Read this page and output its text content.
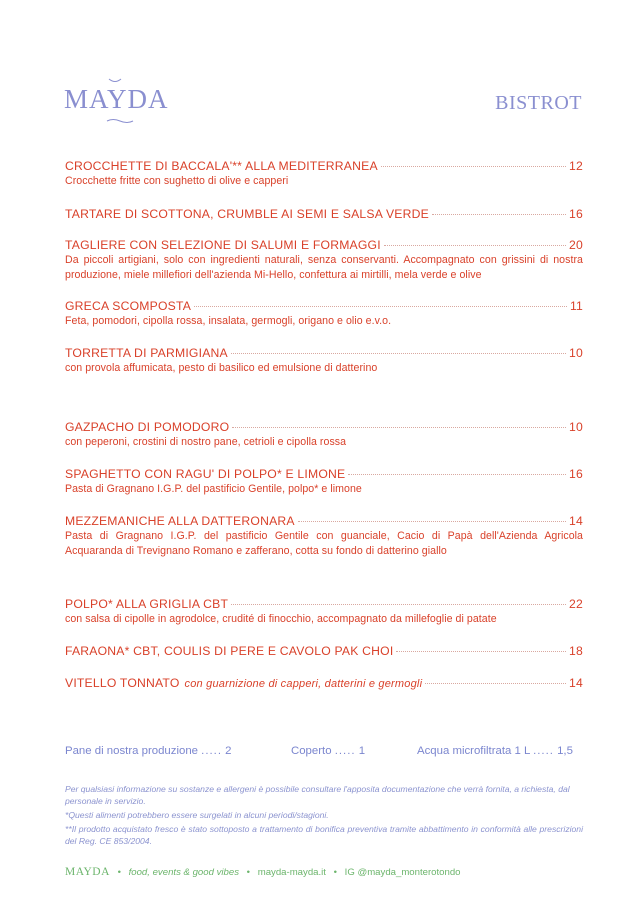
MAYDA	BISTROT
CROCCHETTE DI BACCALA'** ALLA MEDITERRANEA	12
Crocchette fritte con sughetto di olive e capperi
TARTARE DI SCOTTONA, CRUMBLE AI SEMI E SALSA VERDE	16
TAGLIERE CON SELEZIONE DI SALUMI E FORMAGGI	20
Da piccoli artigiani, solo con ingredienti naturali, senza conservanti. Accompagnato con grissini di nostra produzione, miele millefiori dell'azienda Mi-Hello, confettura ai mirtilli, mela verde e olive
GRECA SCOMPOSTA	11
Feta, pomodori, cipolla rossa, insalata, germogli, origano e olio e.v.o.
TORRETTA DI PARMIGIANA	10
con provola affumicata, pesto di basilico ed emulsione di datterino
GAZPACHO DI POMODORO	10
con peperoni, crostini di nostro pane, cetrioli e cipolla rossa
SPAGHETTO CON RAGU' DI POLPO* E LIMONE	16
Pasta di Gragnano I.G.P. del pastificio Gentile, polpo* e limone
MEZZEMANICHE ALLA DATTERONARA	14
Pasta di Gragnano I.G.P. del pastificio Gentile con guanciale, Cacio di Papà dell'Azienda Agricola Acquaranda di Trevignano Romano e zafferano, cotta su fondo di datterino giallo
POLPO* ALLA GRIGLIA CBT	22
con salsa di cipolle in agrodolce, crudité di finocchio, accompagnato da millefoglie di patate
FARAONA* CBT, COULIS DI PERE E CAVOLO PAK CHOI	18
VITELLO TONNATO con guarnizione di capperi, datterini e germogli	14
Pane di nostra produzione ..... 2	Coperto ..... 1	Acqua microfiltrata 1 L ..... 1,5

Per qualsiasi informazione su sostanze e allergeni è possibile consultare l'apposita documentazione che verrà fornita, a richiesta, dal personale in servizio.

*Questi alimenti potrebbero essere surgelati in alcuni periodi/stagioni.

**Il prodotto acquistato fresco è stato sottoposto a trattamento di bonifica preventiva tramite abbattimento in conformità alle prescrizioni del Reg. CE 853/2004.

MAYDA • food, events & good vibes • mayda-mayda.it • IG @mayda_monterotondo
